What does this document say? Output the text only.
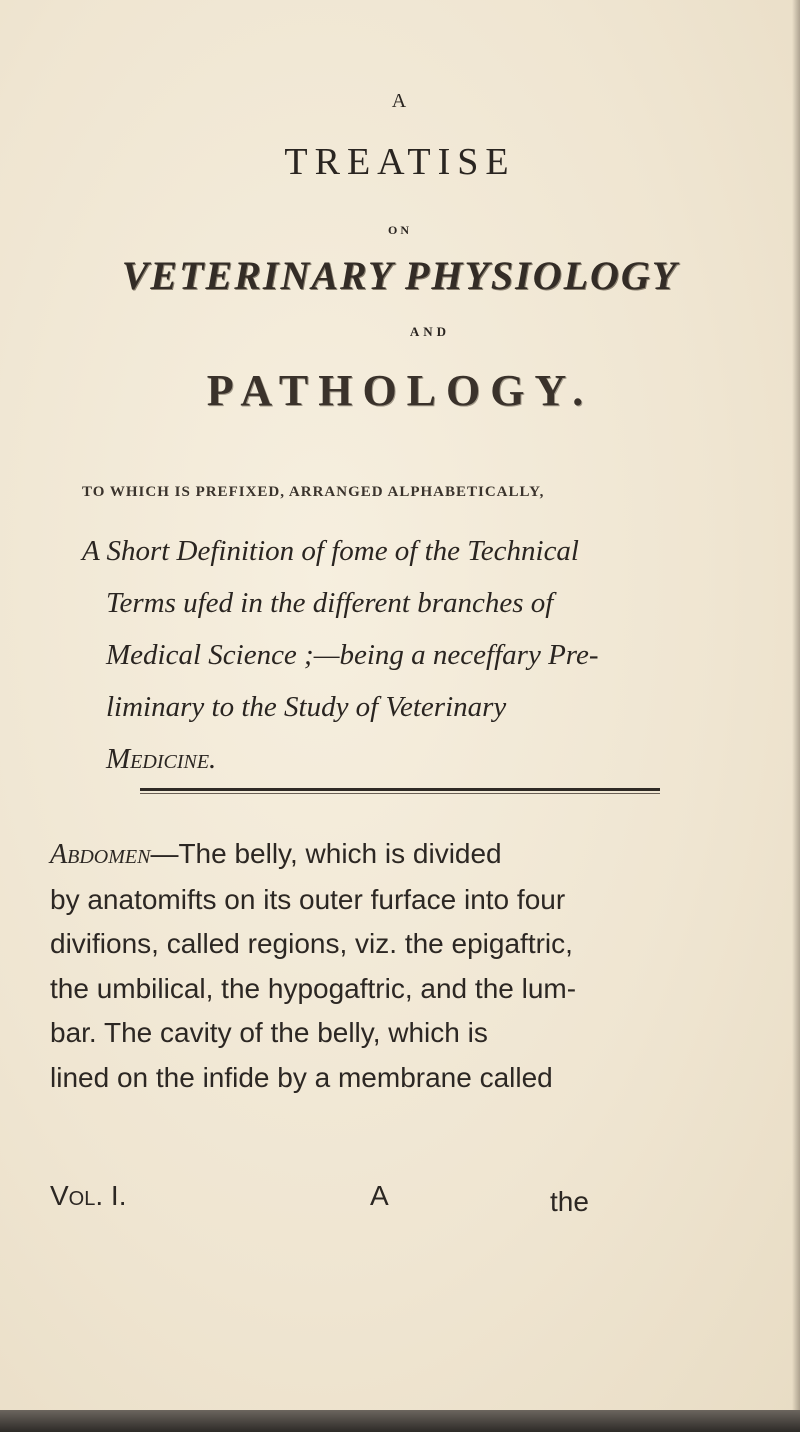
A
TREATISE
ON
VETERINARY PHYSIOLOGY
AND
PATHOLOGY.
TO WHICH IS PREFIXED, ARRANGED ALPHABETICALLY,
A Short Definition of fome of the Technical
Terms ufed in the different branches of
Medical Science ;—being a neceffary Pre-
liminary to the Study of Veterinary
Medicine.
Abdomen—The belly, which is divided
by anatomifts on its outer furface into four
divifions, called regions, viz. the epigaftric,
the umbilical, the hypogaftric, and the lum-
bar. The cavity of the belly, which is
lined on the infide by a membrane called
Vol. I.	A	the
